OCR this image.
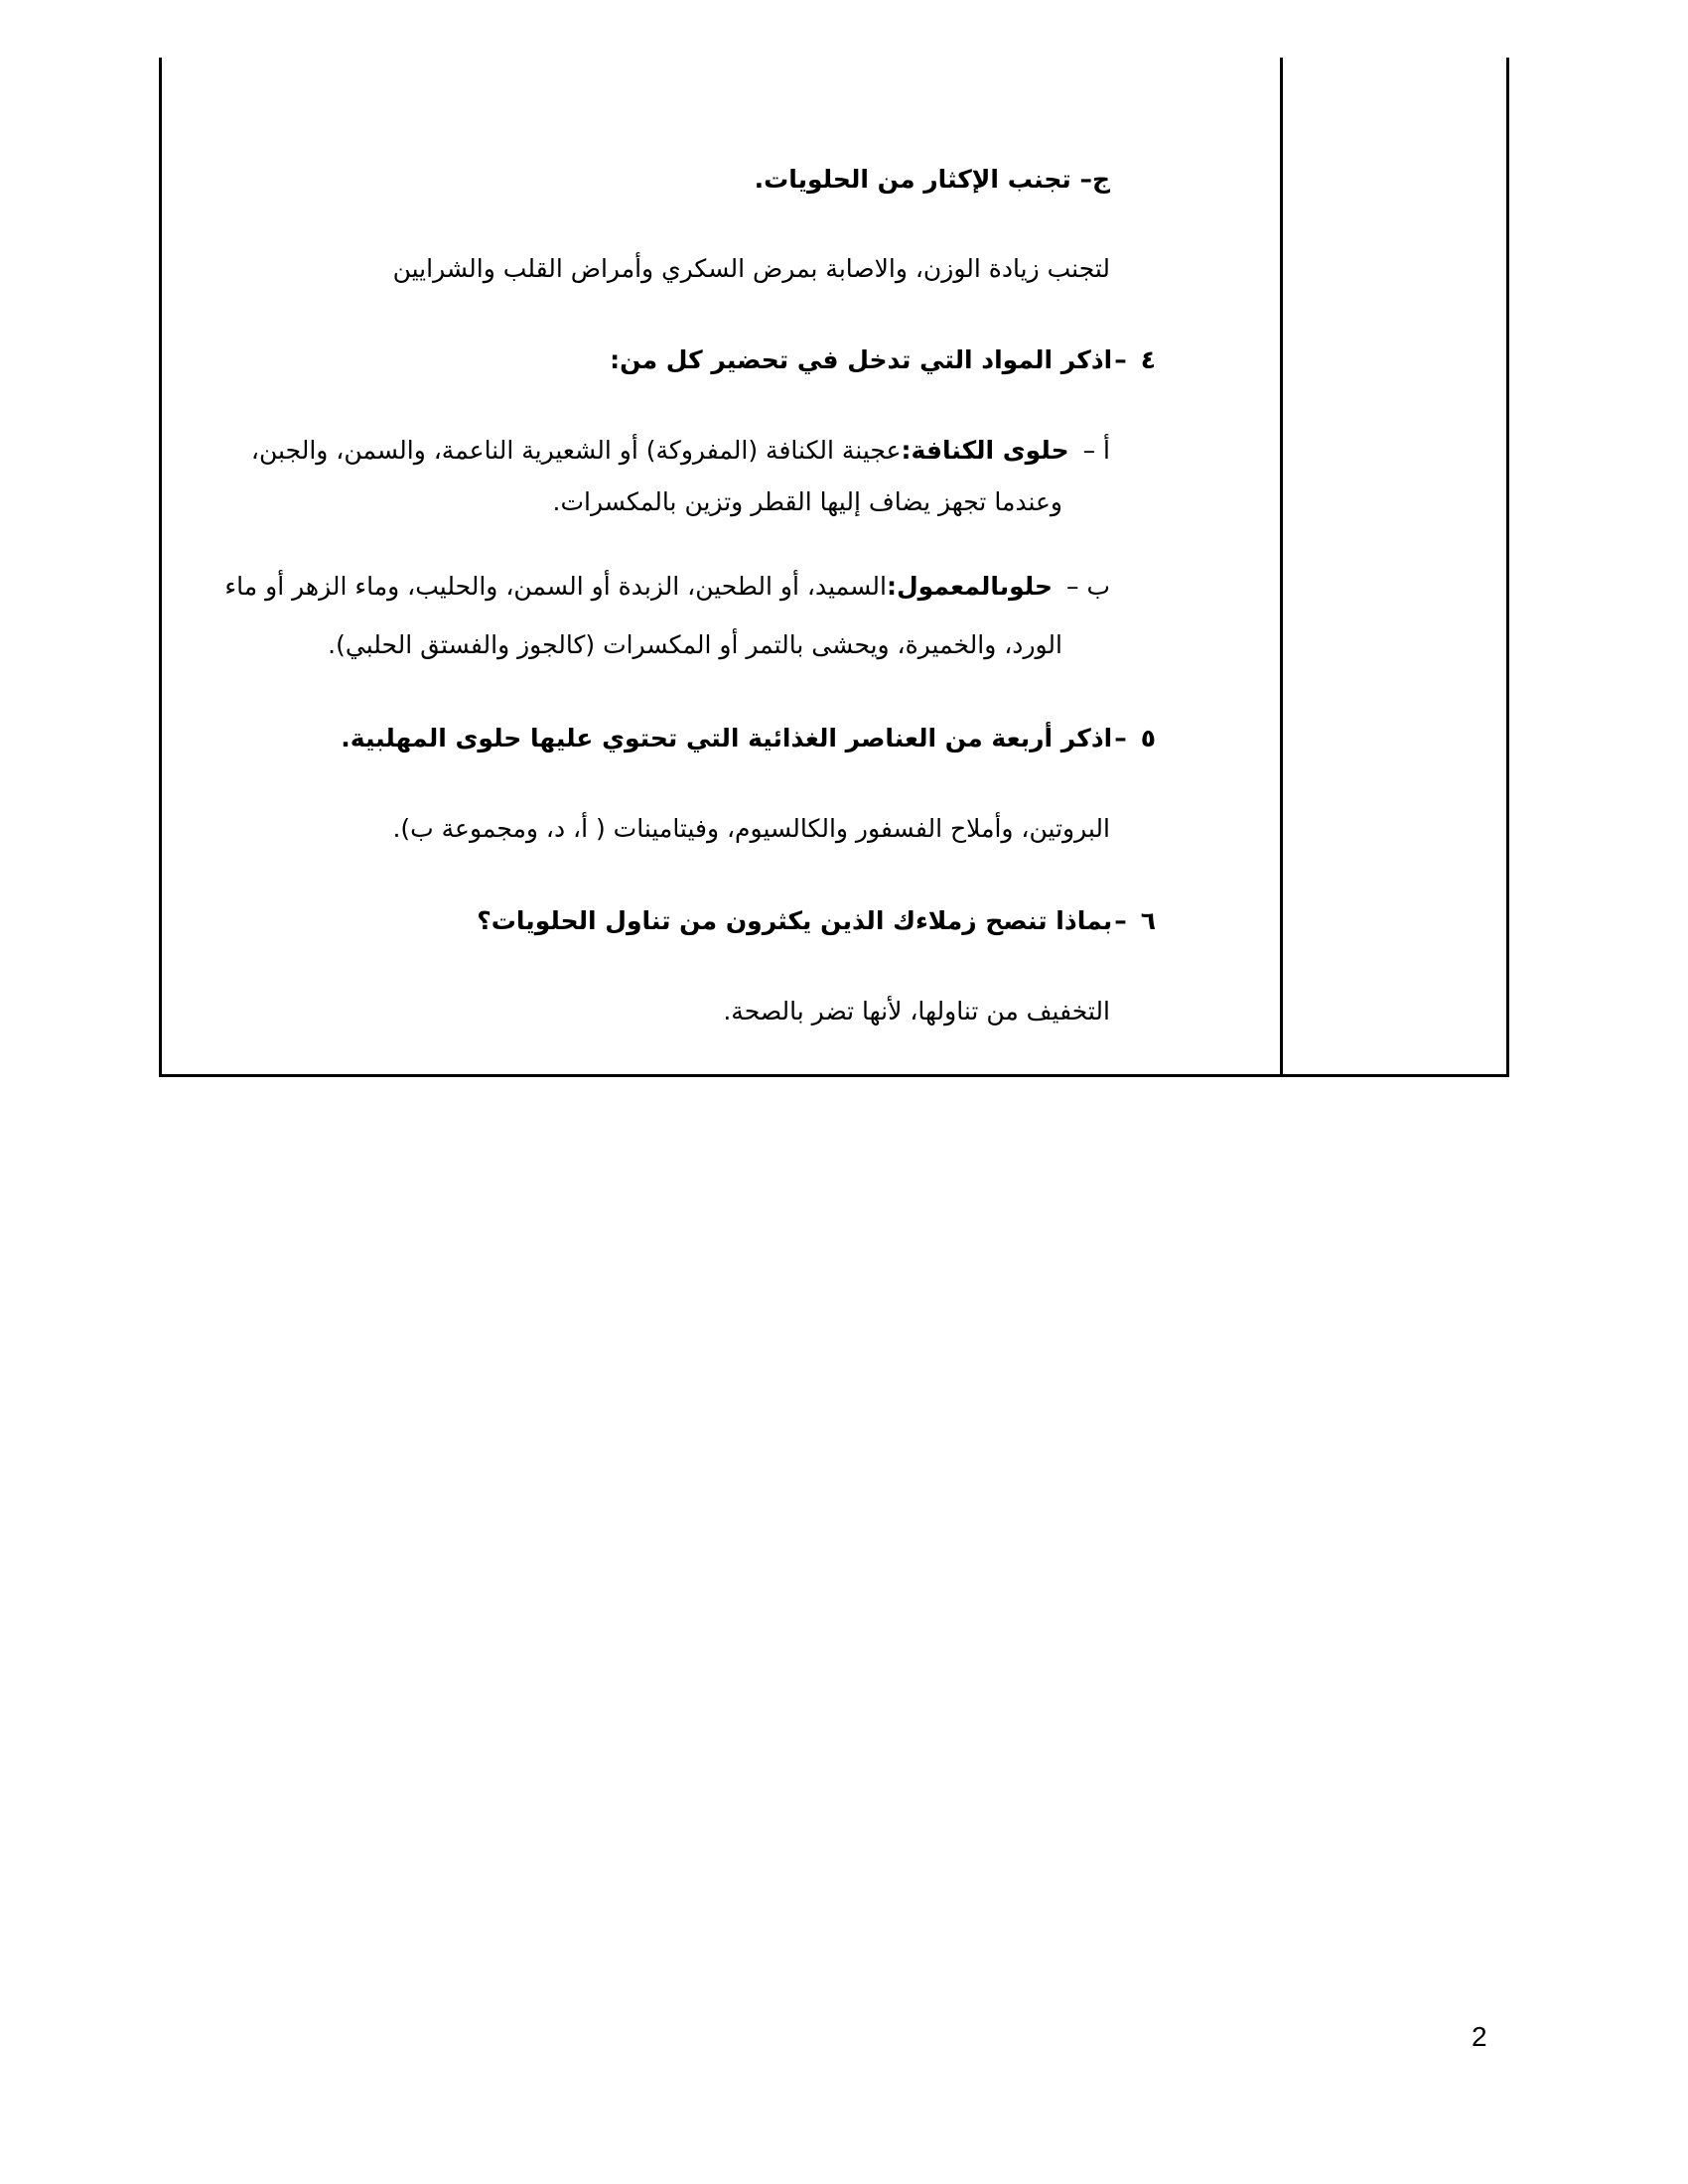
ج– تجنب الإكثار من الحلويات.
لتجنب زيادة الوزن، والاصابة بمرض السكري وأمراض القلب والشرايين
٤–اذكر المواد التي تدخل في تحضير كل من:
أ –حلوى الكنافة:عجينة الكنافة (المفروكة) أو الشعيرية الناعمة، والسمن، والجبن،
وعندما تجهز يضاف إليها القطر وتزين بالمكسرات.
ب –حلوىالمعمول:السميد، أو الطحين، الزبدة أو السمن، والحليب، وماء الزهر أو ماء
الورد، والخميرة، ويحشى بالتمر أو المكسرات (كالجوز والفستق الحلبي).
٥–اذكر أربعة من العناصر الغذائية التي تحتوي عليها حلوى المهلبية.
البروتين، وأملاح الفسفور والكالسيوم، وفيتامينات ( أ، د، ومجموعة ب).
٦–بماذا تنصح زملاءك الذين يكثرون من تناول الحلويات؟
التخفيف من تناولها، لأنها تضر بالصحة.
2
